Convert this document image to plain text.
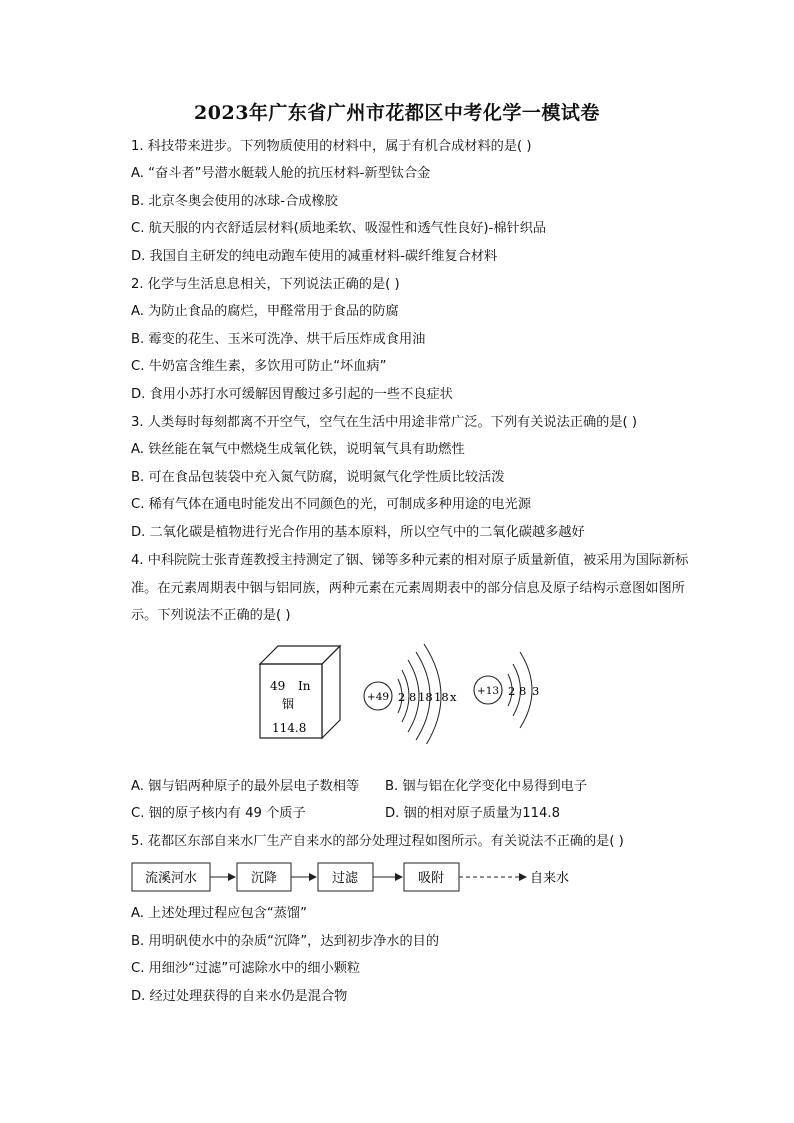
2023年广东省广州市花都区中考化学一模试卷
1. 科技带来进步。下列物质使用的材料中，属于有机合成材料的是( )
A. “奋斗者”号潜水艇载人舱的抗压材料-新型钛合金
B. 北京冬奥会使用的冰球-合成橡胶
C. 航天服的内衣舒适层材料(质地柔软、吸湿性和透气性良好)-棉针织品
D. 我国自主研发的纯电动跑车使用的减重材料-碳纤维复合材料
2. 化学与生活息息相关，下列说法正确的是( )
A. 为防止食品的腐烂，甲醛常用于食品的防腐
B. 霉变的花生、玉米可洗净、烘干后压炸成食用油
C. 牛奶富含维生素，多饮用可防止“坏血病”
D. 食用小苏打水可缓解因胃酸过多引起的一些不良症状
3. 人类每时每刻都离不开空气，空气在生活中用途非常广泛。下列有关说法正确的是( )
A. 铁丝能在氧气中燃烧生成氧化铁，说明氧气具有助燃性
B. 可在食品包装袋中充入氮气防腐，说明氮气化学性质比较活泼
C. 稀有气体在通电时能发出不同颜色的光，可制成多种用途的电光源
D. 二氧化碳是植物进行光合作用的基本原料，所以空气中的二氧化碳越多越好
4. 中科院院士张青莲教授主持测定了铟、锑等多种元素的相对原子质量新值，被采用为国际新标准。在元素周期表中铟与铝同族，两种元素在元素周期表中的部分信息及原子结构示意图如图所示。下列说法不正确的是( )
49 In
铟
114.8
+49 2 8 18 18 x +13 2 8 3
A. 铟与铝两种原子的最外层电子数相等 B. 铟与铝在化学变化中易得到电子
C. 铟的原子核内有 49 个质子	D. 铟的相对原子质量为114.8
5. 花都区东部自来水厂生产自来水的部分处理过程如图所示。有关说法不正确的是( )
流溪河水	沉降	过滤	吸附	自来水
A. 上述处理过程应包含“蒸馏”
B. 用明矾使水中的杂质“沉降”，达到初步净水的目的
C. 用细沙“过滤”可滤除水中的细小颗粒
D. 经过处理获得的自来水仍是混合物
